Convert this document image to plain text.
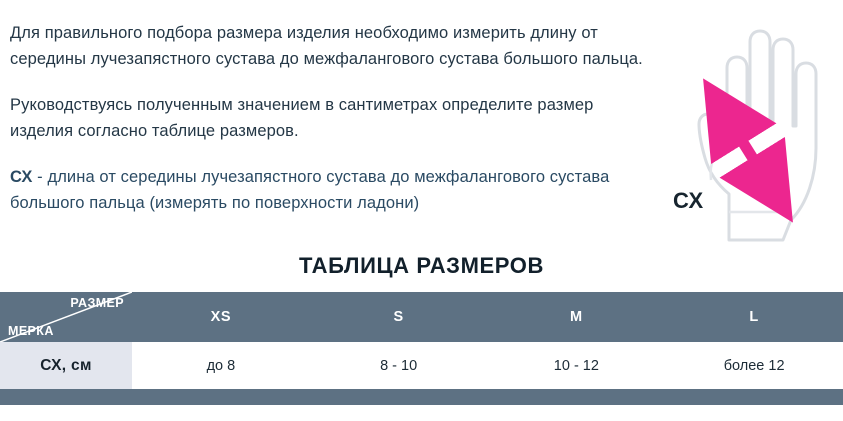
Для правильного подбора размера изделия необходимо измерить длину от середины лучезапястного сустава до межфалангового сустава большого пальца.

Руководствуясь полученным значением в сантиметрах определите размер изделия согласно таблице размеров.

СХ - длина от середины лучезапястного сустава до межфалангового сустава большого пальца (измерять по поверхности ладони)	СХ
ТАБЛИЦА РАЗМЕРОВ
РАЗМЕР
МЕРКА	XS	S	M	L
СХ, см	до 8	8 - 10	10 - 12	более 12
